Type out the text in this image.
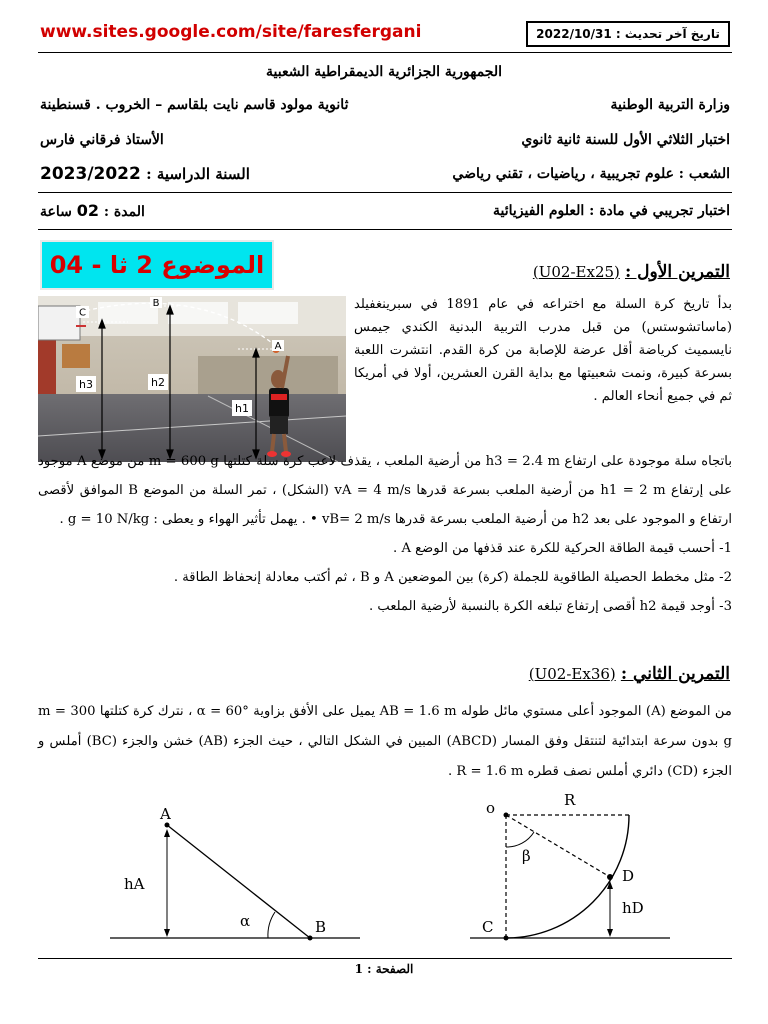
www.sites.google.com/site/faresfergani	تاريخ آخر تحديث : 2022/10/31
الجمهورية الجزائرية الديمقراطية الشعبية
وزارة التربية الوطنية
ثانوية مولود قاسم نايت بلقاسم – الخروب . قسنطينة
اختبار الثلاثي الأول للسنة ثانية ثانوي
الأستاذ فرقاني فارس
الشعب : علوم تجريبية ، رياضيات ، تقني رياضي
السنة الدراسية : 2023/2022
اختبار تجريبي في مادة : العلوم الفيزيائية
المدة : 02 ساعة
الموضوع 2 ثا - 04	التمرين الأول : (U02-Ex25)
بدأ تاريخ كرة السلة مع اختراعه في عام 1891 في سبرينغفيلد (ماساتشوستس) من قبل مدرب التربية البدنية الكندي جيمس نايسميث كرياضة أقل عرضة للإصابة من كرة القدم. انتشرت اللعبة بسرعة كبيرة، ونمت شعبيتها مع بداية القرن العشرين، أولا في أمريكا ثم في جميع أنحاء العالم .
C
B
A
h3	h2
h1
باتجاه سلة موجودة على ارتفاع h3 = 2.4 m من أرضية الملعب ، يقذف لاعب كرة سلة كتلتها m = 600 g من موضع A موجود على إرتفاع h1 = 2 m من أرضية الملعب بسرعة قدرها vA = 4 m/s (الشكل) ، تمر السلة من الموضع B الموافق لأقصى ارتفاع و الموجود على بعد h2 من أرضية الملعب بسرعة قدرها vB= 2 m/s • . يهمل تأثير الهواء و يعطى : g = 10 N/kg .
1- أحسب قيمة الطاقة الحركية للكرة عند قذفها من الوضع A .
2- مثل مخطط الحصيلة الطاقوية للجملة (كرة) بين الموضعين A و B ، ثم أكتب معادلة إنحفاظ الطاقة .
3- أوجد قيمة h2 أقصى إرتفاع تبلغه الكرة بالنسبة لأرضية الملعب .
التمرين الثاني : (U02-Ex36)
من الموضع (A) الموجود أعلى مستوي مائل طوله AB = 1.6 m يميل على الأفق بزاوية α = 60° ، نترك كرة كتلتها m = 300 g بدون سرعة ابتدائية لتنتقل وفق المسار (ABCD) المبين في الشكل التالي ، حيث الجزء (AB) خشن والجزء (BC) أملس و الجزء (CD) دائري أملس نصف قطره R = 1.6 m .
A
B
hA
α
o	R
β
C
D
hD
الصفحة : 1
